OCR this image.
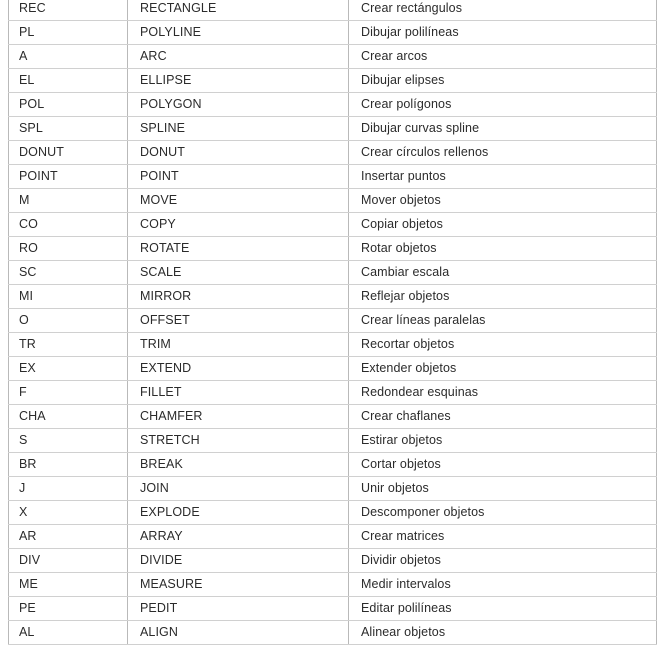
REC	RECTANGLE	Crear rectángulos
PL	POLYLINE	Dibujar polilíneas
A	ARC	Crear arcos
EL	ELLIPSE	Dibujar elipses
POL	POLYGON	Crear polígonos
SPL	SPLINE	Dibujar curvas spline
DONUT	DONUT	Crear círculos rellenos
POINT	POINT	Insertar puntos
M	MOVE	Mover objetos
CO	COPY	Copiar objetos
RO	ROTATE	Rotar objetos
SC	SCALE	Cambiar escala
MI	MIRROR	Reflejar objetos
O	OFFSET	Crear líneas paralelas
TR	TRIM	Recortar objetos
EX	EXTEND	Extender objetos
F	FILLET	Redondear esquinas
CHA	CHAMFER	Crear chaflanes
S	STRETCH	Estirar objetos
BR	BREAK	Cortar objetos
J	JOIN	Unir objetos
X	EXPLODE	Descomponer objetos
AR	ARRAY	Crear matrices
DIV	DIVIDE	Dividir objetos
ME	MEASURE	Medir intervalos
PE	PEDIT	Editar polilíneas
AL	ALIGN	Alinear objetos
